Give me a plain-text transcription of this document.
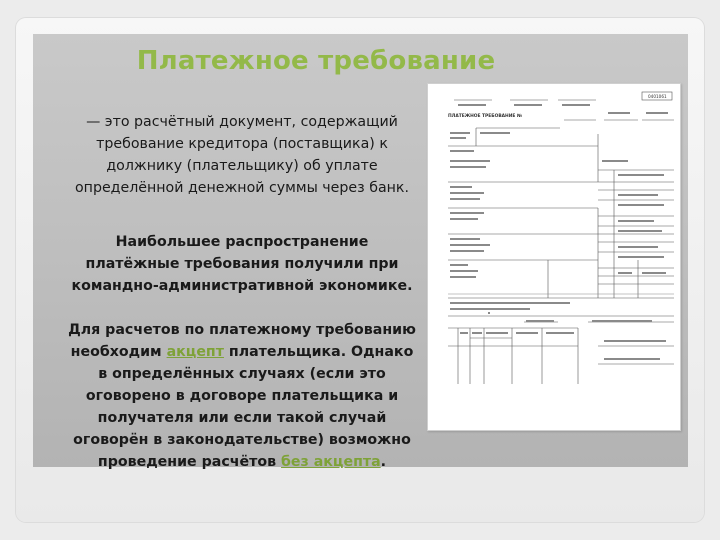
Платежное требование
— это расчётный документ, содержащий требование кредитора (поставщика) к должнику (плательщику) об уплате определённой денежной суммы через банк.
Наибольшее распространение платёжные требования получили при командно-административной экономике.
Для расчетов по платежному требованию необходим акцепт плательщика. Однако в определённых случаях (если это оговорено в договоре плательщика и получателя или если такой случай оговорён в законодательстве) возможно проведение расчётов без акцепта.
0401061
ПЛАТЕЖНОЕ ТРЕБОВАНИЕ №
